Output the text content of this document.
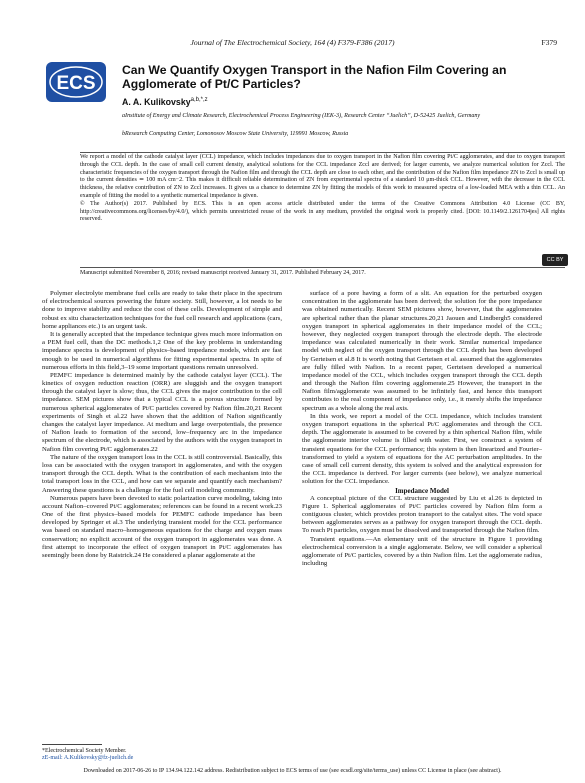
Journal of The Electrochemical Society, 164 (4) F379-F386 (2017)	F379
ECS
Can We Quantify Oxygen Transport in the Nafion Film Covering an Agglomerate of Pt/C Particles?
A. A. Kulikovsky$^{a,b,*,z}$
aInstitute of Energy and Climate Research, Electrochemical Process Engineering (IEK-3), Research Center “Juelich”, D-52425 Juelich, Germany
bResearch Computing Center, Lomonosov Moscow State University, 119991 Moscow, Russia

We report a model of the cathode catalyst layer (CCL) impedance, which includes impedances due to oxygen transport in the Nafion film covering Pt/C agglomerates, and due to oxygen transport through the CCL depth. In the case of small cell current density, analytical solutions for the CCL impedance Zccl are derived; for larger currents, we analyze numerical solution for Zccl. The characteristic frequencies of the oxygen transport through the Nafion film and through the CCL depth are close to each other, and the contribution of the Nafion film impedance ZN to Zccl is small up to the current densities ≃ 100 mA cm−2. This makes it difficult reliable determination of ZN from experimental spectra of a standard 10 μm-thick CCL. However, with the decrease in the CCL thickness, the relative contribution of ZN to Zccl increases. It gives us a chance to determine ZN by fitting the models of this work to measured spectra of a low-loaded MEA with a thin CCL. An example of fitting the model to a synthetic numerical impedance is given.

© The Author(s) 2017. Published by ECS. This is an open access article distributed under the terms of the Creative Commons Attribution 4.0 License (CC BY, http://creativecommons.org/licenses/by/4.0/), which permits unrestricted reuse of the work in any medium, provided the original work is properly cited. [DOI: 10.1149/2.1261704jes] All rights reserved.

CC BY
Manuscript submitted November 8, 2016; revised manuscript received January 31, 2017. Published February 24, 2017.

Polymer electrolyte membrane fuel cells are ready to take their place in the spectrum of electrochemical sources powering the future society. Still, however, a lot needs to be done to improve stability and reduce the cost of these cells. Development of simple and robust ex situ characterization techniques for the fuel cell research and applications (cars, home appliances etc.) is an urgent task.

It is generally accepted that the impedance technique gives much more information on a PEM fuel cell, than the DC methods.1,2 One of the key problems in understanding impedance spectra is development of physics–based impedance models, which are fast enough to be used in numerical algorithms for fitting experimental spectra. In spite of numerous efforts in this field,3–19 some important questions remain unresolved.

PEMFC impedance is determined mainly by the cathode catalyst layer (CCL). The kinetics of oxygen reduction reaction (ORR) are sluggish and the oxygen transport through the catalyst layer is slow; thus, the CCL gives the major contribution to the cell impedance. SEM pictures show that a typical CCL is a porous structure formed by numerous spherical agglomerates of Pt/C particles covered by Nafion film.20,21 Recent experiments of Singh et al.22 have shown that the addition of Nafion significantly changes the catalyst layer impedance. At medium and large overpotentials, the presence of Nafion leads to formation of the second, low–frequency arc in the impedance spectrum of the electrode, which is associated by the authors with the oxygen transport in Nafion film covering Pt/C agglomerates.22

The nature of the oxygen transport loss in the CCL is still controversial. Basically, this loss can be associated with the oxygen transport in agglomerates, and with the oxygen transport through the CCL depth. What is the contribution of each mechanism into the total transport loss in the CCL, and how can we separate and quantify each mechanism? Answering these questions is a challenge for the fuel cell modeling community.

Numerous papers have been devoted to static polarization curve modeling, taking into account Nafion–covered Pt/C agglomerates; references can be found in a recent work.23 One of the first physics–based models for PEMFC cathode impedance has been developed by Springer et al.3 The underlying transient model for the CCL performance was based on standard macro–homogeneous equations for the charge and oxygen mass conservation; no explicit account of the oxygen transport in agglomerates was done. A first attempt to incorporate the effect of oxygen transport in Pt/C agglomerates has seemingly been done by Raistrick.24 He considered a planar agglomerate at the

surface of a pore having a form of a slit. An equation for the perturbed oxygen concentration in the agglomerate has been derived; the solution for the pore impedance was obtained numerically. Recent SEM pictures show, however, that the agglomerates are spherical rather than the planar structures.20,21 Jaouen and Lindbergh5 considered oxygen transport in spherical agglomerates in their impedance model of the CCL; however, they neglected oxygen transport through the electrode depth. The electrode impedance was calculated numerically in their work. Similar numerical impedance model with neglect of the oxygen transport through the CCL depth has been developed by Gerteisen et al.8 It is worth noting that Gerteisen et al. assumed that the agglomerates are fully filled with Nafion. In a recent paper, Gerteisen developed a numerical impedance model of the CCL, which includes oxygen transport through the CCL depth and through the Nafion film covering agglomerate.25 However, the transport in the Nafion film/agglomerate was assumed to be infinitely fast, and hence this transport contributes to the real component of impedance only, i.e., it merely shifts the impedance spectrum as a whole along the real axis.

In this work, we report a model of the CCL impedance, which includes transient oxygen transport equations in the spherical Pt/C agglomerates and through the CCL depth. The agglomerate is assumed to be covered by a thin spherical Nafion film, while the agglomerate interior volume is filled with water. First, we construct a system of transient equations for the CCL performance; this system is then linearized and Fourier–transformed to yield a system of equations for the AC perturbation amplitudes. In the case of small cell current density, this system is solved and the analytical expression for the CCL impedance is derived. For larger currents (see below), we analyze numerical solution for the CCL impedance.

Impedance Model

A conceptual picture of the CCL structure suggested by Liu et al.26 is depicted in Figure 1. Spherical agglomerates of Pt/C particles covered by Nafion film form a contiguous cluster, which provides proton transport to the catalyst sites. The void space between agglomerates serves as a pathway for oxygen transport through the CCL depth. To reach Pt particles, oxygen must be dissolved and transported through the Nafion film.

Transient equations.—An elementary unit of the structure in Figure 1 providing electrochemical conversion is a single agglomerate. Below, we will consider a spherical agglomerate of Pt/C particles, covered by a thin Nafion film. Let the agglomerate radius, including

*Electrochemical Society Member.
zE-mail: A.Kulikovsky@fz-juelich.de
Downloaded on 2017-06-26 to IP 134.94.122.142 address. Redistribution subject to ECS terms of use (see ecsdl.org/site/terms_use) unless CC License in place (see abstract).
